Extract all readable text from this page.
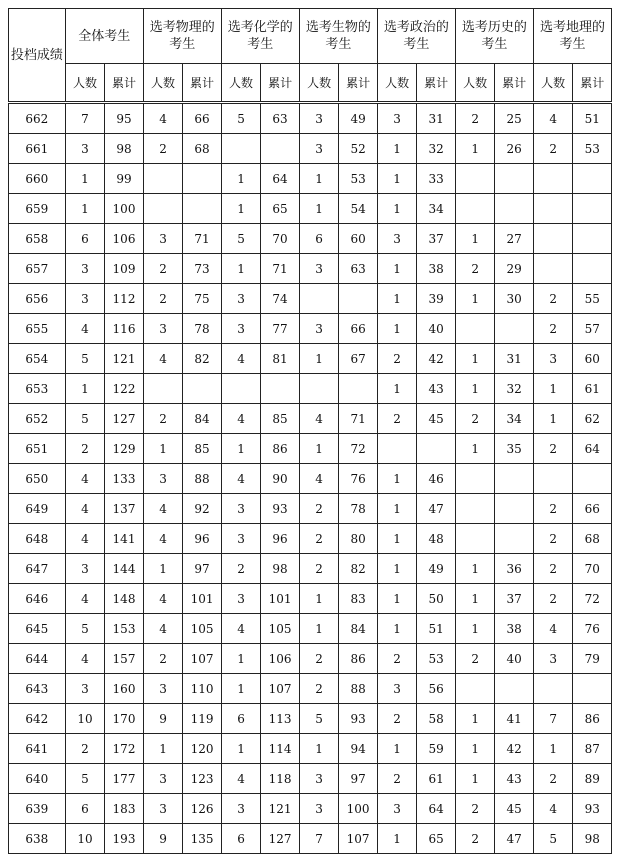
投档成绩	全体考生		选考物理的考生		选考化学的考生		选考生物的考生		选考政治的考生		选考历史的考生		选考地理的考生	
	人数	累计	人数	累计	人数	累计	人数	累计	人数	累计	人数	累计	人数	累计
662	7	95	4	66	5	63	3	49	3	31	2	25	4	51
661	3	98	2	68			3	52	1	32	1	26	2	53
660	1	99			1	64	1	53	1	33				
659	1	100			1	65	1	54	1	34				
658	6	106	3	71	5	70	6	60	3	37	1	27		
657	3	109	2	73	1	71	3	63	1	38	2	29		
656	3	112	2	75	3	74			1	39	1	30	2	55
655	4	116	3	78	3	77	3	66	1	40			2	57
654	5	121	4	82	4	81	1	67	2	42	1	31	3	60
653	1	122							1	43	1	32	1	61
652	5	127	2	84	4	85	4	71	2	45	2	34	1	62
651	2	129	1	85	1	86	1	72			1	35	2	64
650	4	133	3	88	4	90	4	76	1	46				
649	4	137	4	92	3	93	2	78	1	47			2	66
648	4	141	4	96	3	96	2	80	1	48			2	68
647	3	144	1	97	2	98	2	82	1	49	1	36	2	70
646	4	148	4	101	3	101	1	83	1	50	1	37	2	72
645	5	153	4	105	4	105	1	84	1	51	1	38	4	76
644	4	157	2	107	1	106	2	86	2	53	2	40	3	79
643	3	160	3	110	1	107	2	88	3	56				
642	10	170	9	119	6	113	5	93	2	58	1	41	7	86
641	2	172	1	120	1	114	1	94	1	59	1	42	1	87
640	5	177	3	123	4	118	3	97	2	61	1	43	2	89
639	6	183	3	126	3	121	3	100	3	64	2	45	4	93
638	10	193	9	135	6	127	7	107	1	65	2	47	5	98
